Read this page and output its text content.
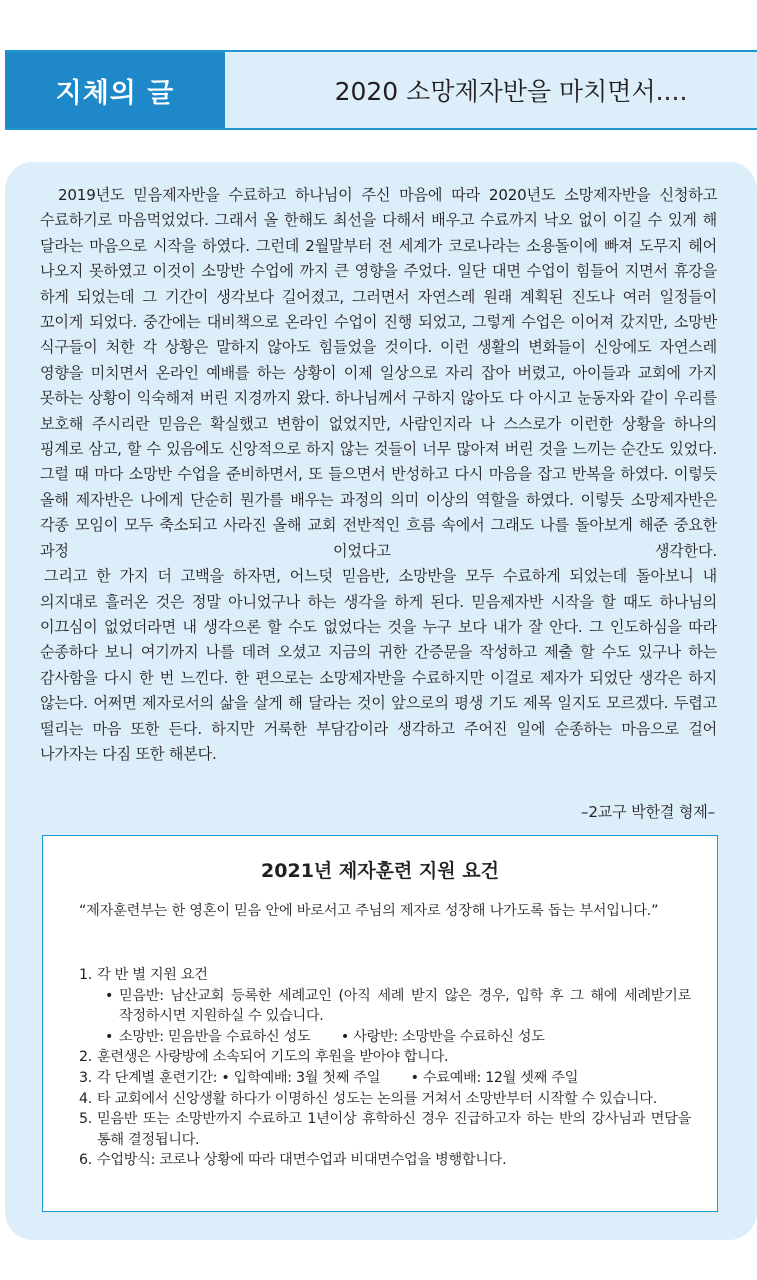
지체의 글	2020 소망제자반을 마치면서....

2019년도 믿음제자반을 수료하고 하나님이 주신 마음에 따라 2020년도 소망제자반을 신청하고 수료하기로 마음먹었었다. 그래서 올 한해도 최선을 다해서 배우고 수료까지 낙오 없이 이길 수 있게 해 달라는 마음으로 시작을 하였다. 그런데 2월말부터 전 세계가 코로나라는 소용돌이에 빠져 도무지 헤어 나오지 못하였고 이것이 소망반 수업에 까지 큰 영향을 주었다. 일단 대면 수업이 힘들어 지면서 휴강을 하게 되었는데 그 기간이 생각보다 길어졌고, 그러면서 자연스레 원래 계획된 진도나 여러 일정들이 꼬이게 되었다. 중간에는 대비책으로 온라인 수업이 진행 되었고, 그렇게 수업은 이어져 갔지만, 소망반 식구들이 처한 각 상황은 말하지 않아도 힘들었을 것이다. 이런 생활의 변화들이 신앙에도 자연스레 영향을 미치면서 온라인 예배를 하는 상황이 이제 일상으로 자리 잡아 버렸고, 아이들과 교회에 가지 못하는 상황이 익숙해져 버린 지경까지 왔다. 하나님께서 구하지 않아도 다 아시고 눈동자와 같이 우리를 보호해 주시리란 믿음은 확실했고 변함이 없었지만, 사람인지라 나 스스로가 이런한 상황을 하나의 핑계로 삼고, 할 수 있음에도 신앙적으로 하지 않는 것들이 너무 많아져 버린 것을 느끼는 순간도 있었다. 그럴 때 마다 소망반 수업을 준비하면서, 또 들으면서 반성하고 다시 마음을 잡고 반복을 하였다. 이렇듯 올해 제자반은 나에게 단순히 뭔가를 배우는 과정의 의미 이상의 역할을 하였다. 이렇듯 소망제자반은 각종 모임이 모두 축소되고 사라진 올해 교회 전반적인 흐름 속에서 그래도 나를 돌아보게 해준 중요한 과정 이었다고 생각한다.

그리고 한 가지 더 고백을 하자면, 어느덧 믿음반, 소망반을 모두 수료하게 되었는데 돌아보니 내 의지대로 흘러온 것은 정말 아니었구나 하는 생각을 하게 된다. 믿음제자반 시작을 할 때도 하나님의 이끄심이 없었더라면 내 생각으론 할 수도 없었다는 것을 누구 보다 내가 잘 안다. 그 인도하심을 따라 순종하다 보니 여기까지 나를 데려 오셨고 지금의 귀한 간증문을 작성하고 제출 할 수도 있구나 하는 감사함을 다시 한 번 느낀다. 한 편으로는 소망제자반을 수료하지만 이걸로 제자가 되었단 생각은 하지 않는다. 어쩌면 제자로서의 삶을 살게 해 달라는 것이 앞으로의 평생 기도 제목 일지도 모르겠다. 두렵고 떨리는 마음 또한 든다. 하지만 거룩한 부담감이라 생각하고 주어진 일에 순종하는 마음으로 걸어 나가자는 다짐 또한 해본다.

–2교구 박한결 형제–
2021년 제자훈련 지원 요건
“제자훈련부는 한 영혼이 믿음 안에 바로서고 주님의 제자로 성장해 나가도록 돕는 부서입니다.”
1. 각 반 별 지원 요건
• 믿음반: 남산교회 등록한 세례교인 (아직 세례 받지 않은 경우, 입학 후 그 해에 세례받기로 작정하시면 지원하실 수 있습니다.
• 소망반: 믿음반을 수료하신 성도 • 사랑반: 소망반을 수료하신 성도
2. 훈련생은 사랑방에 소속되어 기도의 후원을 받아야 합니다.
3. 각 단계별 훈련기간: • 입학예배: 3월 첫째 주일 • 수료예배: 12월 셋째 주일
4. 타 교회에서 신앙생활 하다가 이명하신 성도는 논의를 거쳐서 소망반부터 시작할 수 있습니다.
5. 믿음반 또는 소망반까지 수료하고 1년이상 휴학하신 경우 진급하고자 하는 반의 강사님과 면담을 통해 결정됩니다.
6. 수업방식: 코로나 상황에 따라 대면수업과 비대면수업을 병행합니다.
